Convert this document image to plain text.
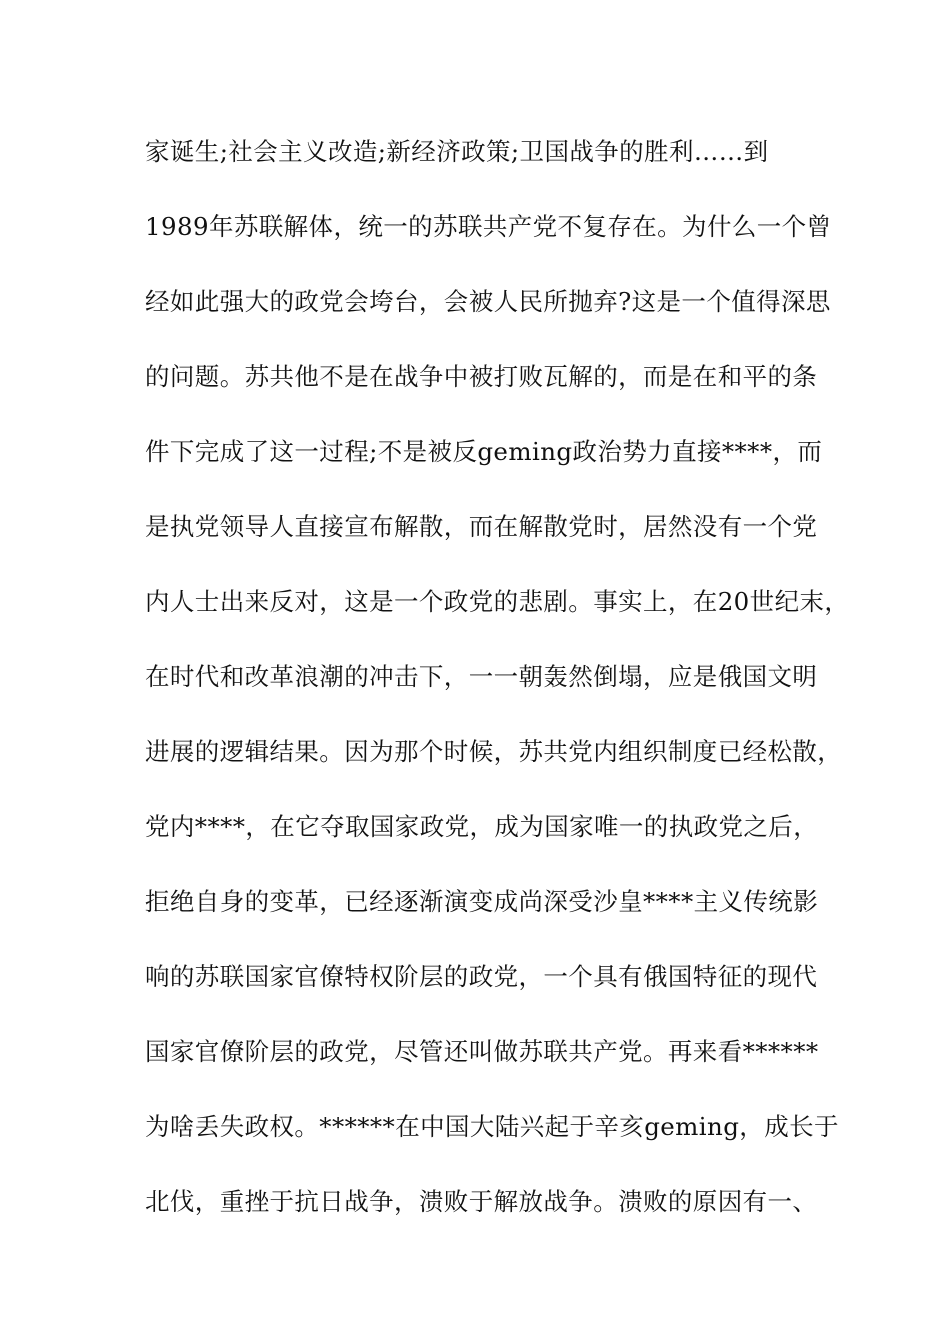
家诞生;社会主义改造;新经济政策;卫国战争的胜利……到
1989年苏联解体，统一的苏联共产党不复存在。为什么一个曾
经如此强大的政党会垮台，会被人民所抛弃?这是一个值得深思
的问题。苏共他不是在战争中被打败瓦解的，而是在和平的条
件下完成了这一过程;不是被反geming政治势力直接****，而
是执党领导人直接宣布解散，而在解散党时，居然没有一个党
内人士出来反对，这是一个政党的悲剧。事实上，在20世纪末，
在时代和改革浪潮的冲击下，一一朝轰然倒塌，应是俄国文明
进展的逻辑结果。因为那个时候，苏共党内组织制度已经松散，
党内****，在它夺取国家政党，成为国家唯一的执政党之后，
拒绝自身的变革，已经逐渐演变成尚深受沙皇****主义传统影
响的苏联国家官僚特权阶层的政党，一个具有俄国特征的现代
国家官僚阶层的政党，尽管还叫做苏联共产党。再来看******
为啥丢失政权。******在中国大陆兴起于辛亥geming，成长于
北伐，重挫于抗日战争，溃败于解放战争。溃败的原因有一、
